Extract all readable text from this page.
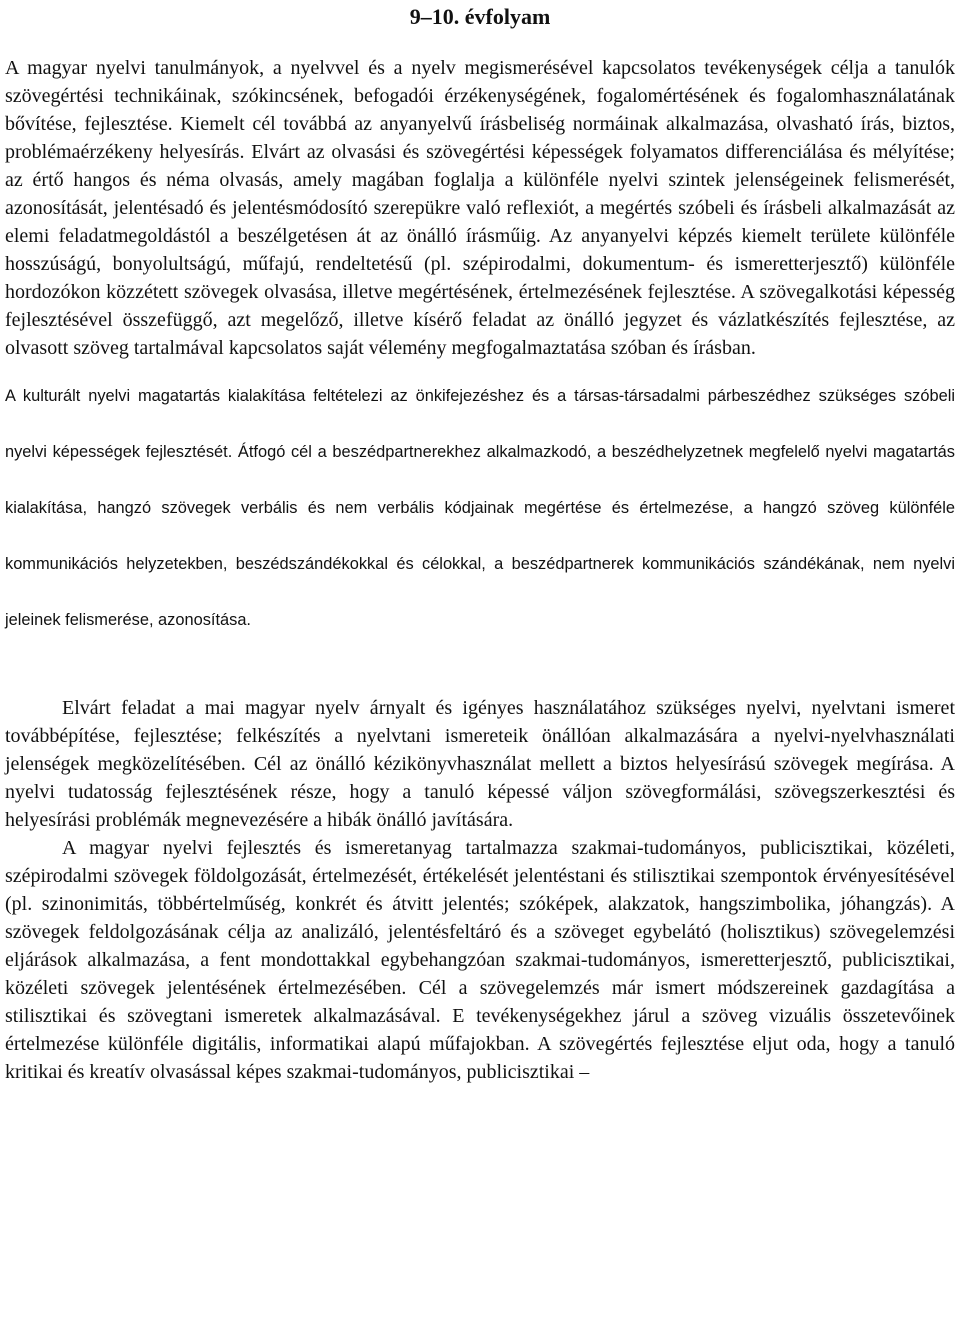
9–10. évfolyam

A magyar nyelvi tanulmányok, a nyelvvel és a nyelv megismerésével kapcsolatos tevékenységek célja a tanulók szövegértési technikáinak, szókincsének, befogadói érzékenységének, fogalomértésének és fogalomhasználatának bővítése, fejlesztése. Kiemelt cél továbbá az anyanyelvű írásbeliség normáinak alkalmazása, olvasható írás, biztos, problémaérzékeny helyesírás. Elvárt az olvasási és szövegértési képességek folyamatos differenciálása és mélyítése; az értő hangos és néma olvasás, amely magában foglalja a különféle nyelvi szintek jelenségeinek felismerését, azonosítását, jelentésadó és jelentésmódosító szerepükre való reflexiót, a megértés szóbeli és írásbeli alkalmazását az elemi feladatmegoldástól a beszélgetésen át az önálló írásműig. Az anyanyelvi képzés kiemelt területe különféle hosszúságú, bonyolultságú, műfajú, rendeltetésű (pl. szépirodalmi, dokumentum- és ismeretterjesztő) különféle hordozókon közzétett szövegek olvasása, illetve megértésének, értelmezésének fejlesztése. A szövegalkotási képesség fejlesztésével összefüggő, azt megelőző, illetve kísérő feladat az önálló jegyzet és vázlatkészítés fejlesztése, az olvasott szöveg tartalmával kapcsolatos saját vélemény megfogalmaztatása szóban és írásban.

A kulturált nyelvi magatartás kialakítása feltételezi az önkifejezéshez és a társas-társadalmi párbeszédhez szükséges szóbeli nyelvi képességek fejlesztését. Átfogó cél a beszédpartnerekhez alkalmazkodó, a beszédhelyzetnek megfelelő nyelvi magatartás kialakítása, hangzó szövegek verbális és nem verbális kódjainak megértése és értelmezése, a hangzó szöveg különféle kommunikációs helyzetekben, beszédszándékokkal és célokkal, a beszédpartnerek kommunikációs szándékának, nem nyelvi jeleinek felismerése, azonosítása.

Elvárt feladat a mai magyar nyelv árnyalt és igényes használatához szükséges nyelvi, nyelvtani ismeret továbbépítése, fejlesztése; felkészítés a nyelvtani ismereteik önállóan alkalmazására a nyelvi-nyelvhasználati jelenségek megközelítésében. Cél az önálló kézikönyvhasználat mellett a biztos helyesírású szövegek megírása. A nyelvi tudatosság fejlesztésének része, hogy a tanuló képessé váljon szövegformálási, szövegszerkesztési és helyesírási problémák megnevezésére a hibák önálló javítására.

A magyar nyelvi fejlesztés és ismeretanyag tartalmazza szakmai-tudományos, publicisztikai, közéleti, szépirodalmi szövegek földolgozását, értelmezését, értékelését jelentéstani és stilisztikai szempontok érvényesítésével (pl. szinonimitás, többértelműség, konkrét és átvitt jelentés; szóképek, alakzatok, hangszimbolika, jóhangzás). A szövegek feldolgozásának célja az analizáló, jelentésfeltáró és a szöveget egybelátó (holisztikus) szövegelemzési eljárások alkalmazása, a fent mondottakkal egybehangzóan szakmai-tudományos, ismeretterjesztő, publicisztikai, közéleti szövegek jelentésének értelmezésében. Cél a szövegelemzés már ismert módszereinek gazdagítása a stilisztikai és szövegtani ismeretek alkalmazásával. E tevékenységekhez járul a szöveg vizuális összetevőinek értelmezése különféle digitális, informatikai alapú műfajokban. A szövegértés fejlesztése eljut oda, hogy a tanuló kritikai és kreatív olvasással képes szakmai-tudományos, publicisztikai –
